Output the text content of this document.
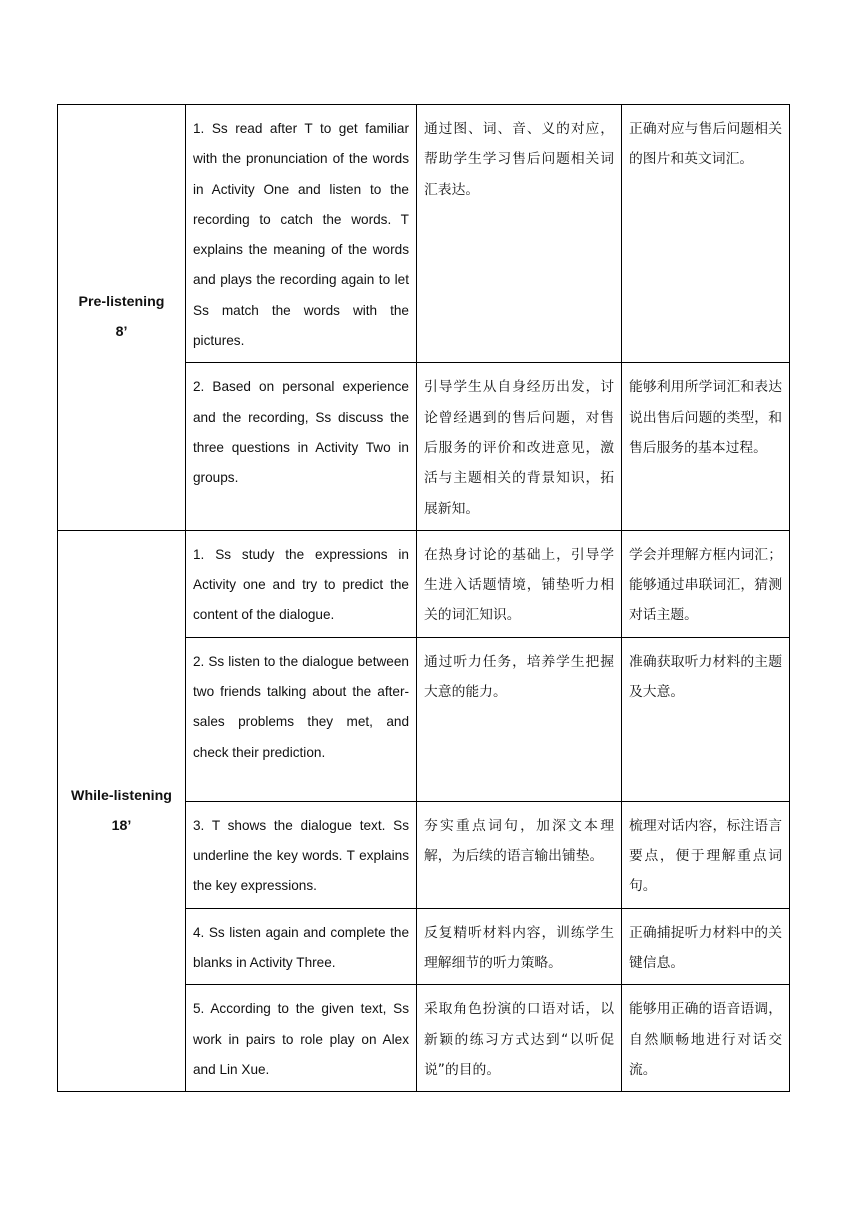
Pre-listening
8’	1. Ss read after T to get familiar with the pronunciation of the words in Activity One and listen to the recording to catch the words. T explains the meaning of the words and plays the recording again to let Ss match the words with the pictures.	通过图、词、音、义的对应，帮助学生学习售后问题相关词汇表达。	正确对应与售后问题相关的图片和英文词汇。

	2. Based on personal experience and the recording, Ss discuss the three questions in Activity Two in groups.	引导学生从自身经历出发，讨论曾经遇到的售后问题，对售后服务的评价和改进意见，激活与主题相关的背景知识，拓展新知。	能够利用所学词汇和表达说出售后问题的类型，和售后服务的基本过程。

While-listening
18’	1. Ss study the expressions in Activity one and try to predict the content of the dialogue.	在热身讨论的基础上，引导学生进入话题情境，铺垫听力相关的词汇知识。	学会并理解方框内词汇；能够通过串联词汇，猜测对话主题。

	2. Ss listen to the dialogue between two friends talking about the after-sales problems they met, and check their prediction.	通过听力任务，培养学生把握大意的能力。	准确获取听力材料的主题及大意。

	3. T shows the dialogue text. Ss underline the key words. T explains the key expressions.	夯实重点词句，加深文本理解，为后续的语言输出铺垫。	梳理对话内容，标注语言要点，便于理解重点词句。

	4. Ss listen again and complete the blanks in Activity Three.	反复精听材料内容，训练学生理解细节的听力策略。	正确捕捉听力材料中的关键信息。

	5. According to the given text, Ss work in pairs to role play on Alex and Lin Xue.	采取角色扮演的口语对话，以新颖的练习方式达到“以听促说”的目的。	能够用正确的语音语调，自然顺畅地进行对话交流。
